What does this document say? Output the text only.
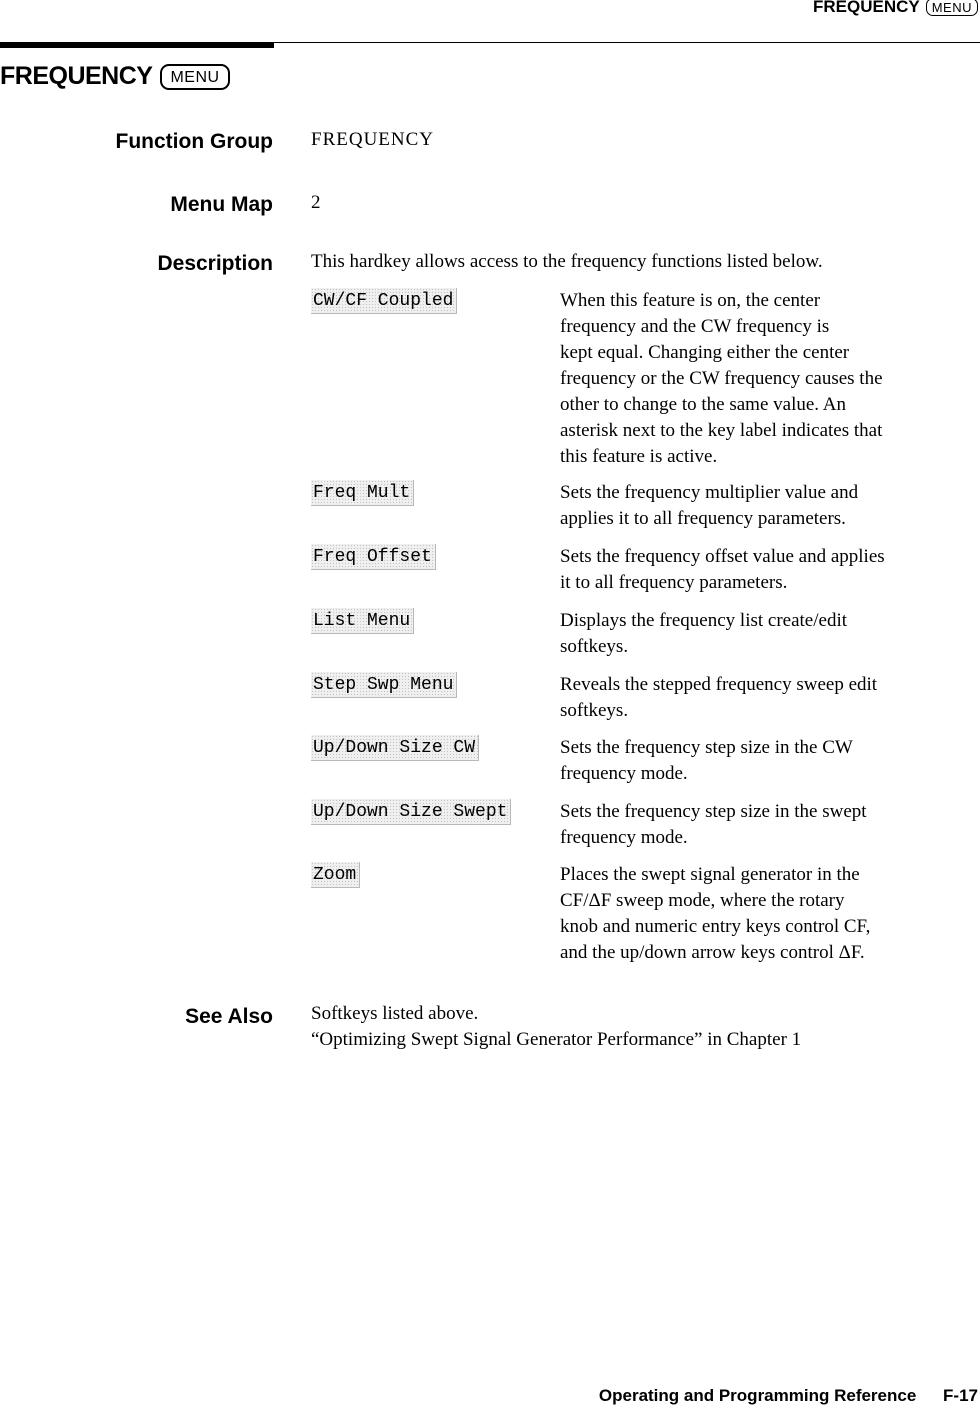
FREQUENCY MENU
FREQUENCY	MENU
Function Group FREQUENCY
Menu Map 2
Description This hardkey allows access to the frequency functions listed below.
CW/CF Coupled	When this feature is on, the center
frequency and the CW frequency is
kept equal. Changing either the center
frequency or the CW frequency causes the
other to change to the same value. An
asterisk next to the key label indicates that
this feature is active.
Freq Mult	Sets the frequency multiplier value and
applies it to all frequency parameters.
Freq Offset	Sets the frequency offset value and applies
it to all frequency parameters.
List Menu	Displays the frequency list create/edit
softkeys.
Step Swp Menu	Reveals the stepped frequency sweep edit
softkeys.
Up/Down Size CW	Sets the frequency step size in the CW
frequency mode.
Up/Down Size Swept	Sets the frequency step size in the swept
frequency mode.
Zoom	Places the swept signal generator in the
CF/ΔF sweep mode, where the rotary
knob and numeric entry keys control CF,
and the up/down arrow keys control ΔF.
See Also Softkeys listed above.
“Optimizing Swept Signal Generator Performance” in Chapter 1
Operating and Programming Reference F-17
